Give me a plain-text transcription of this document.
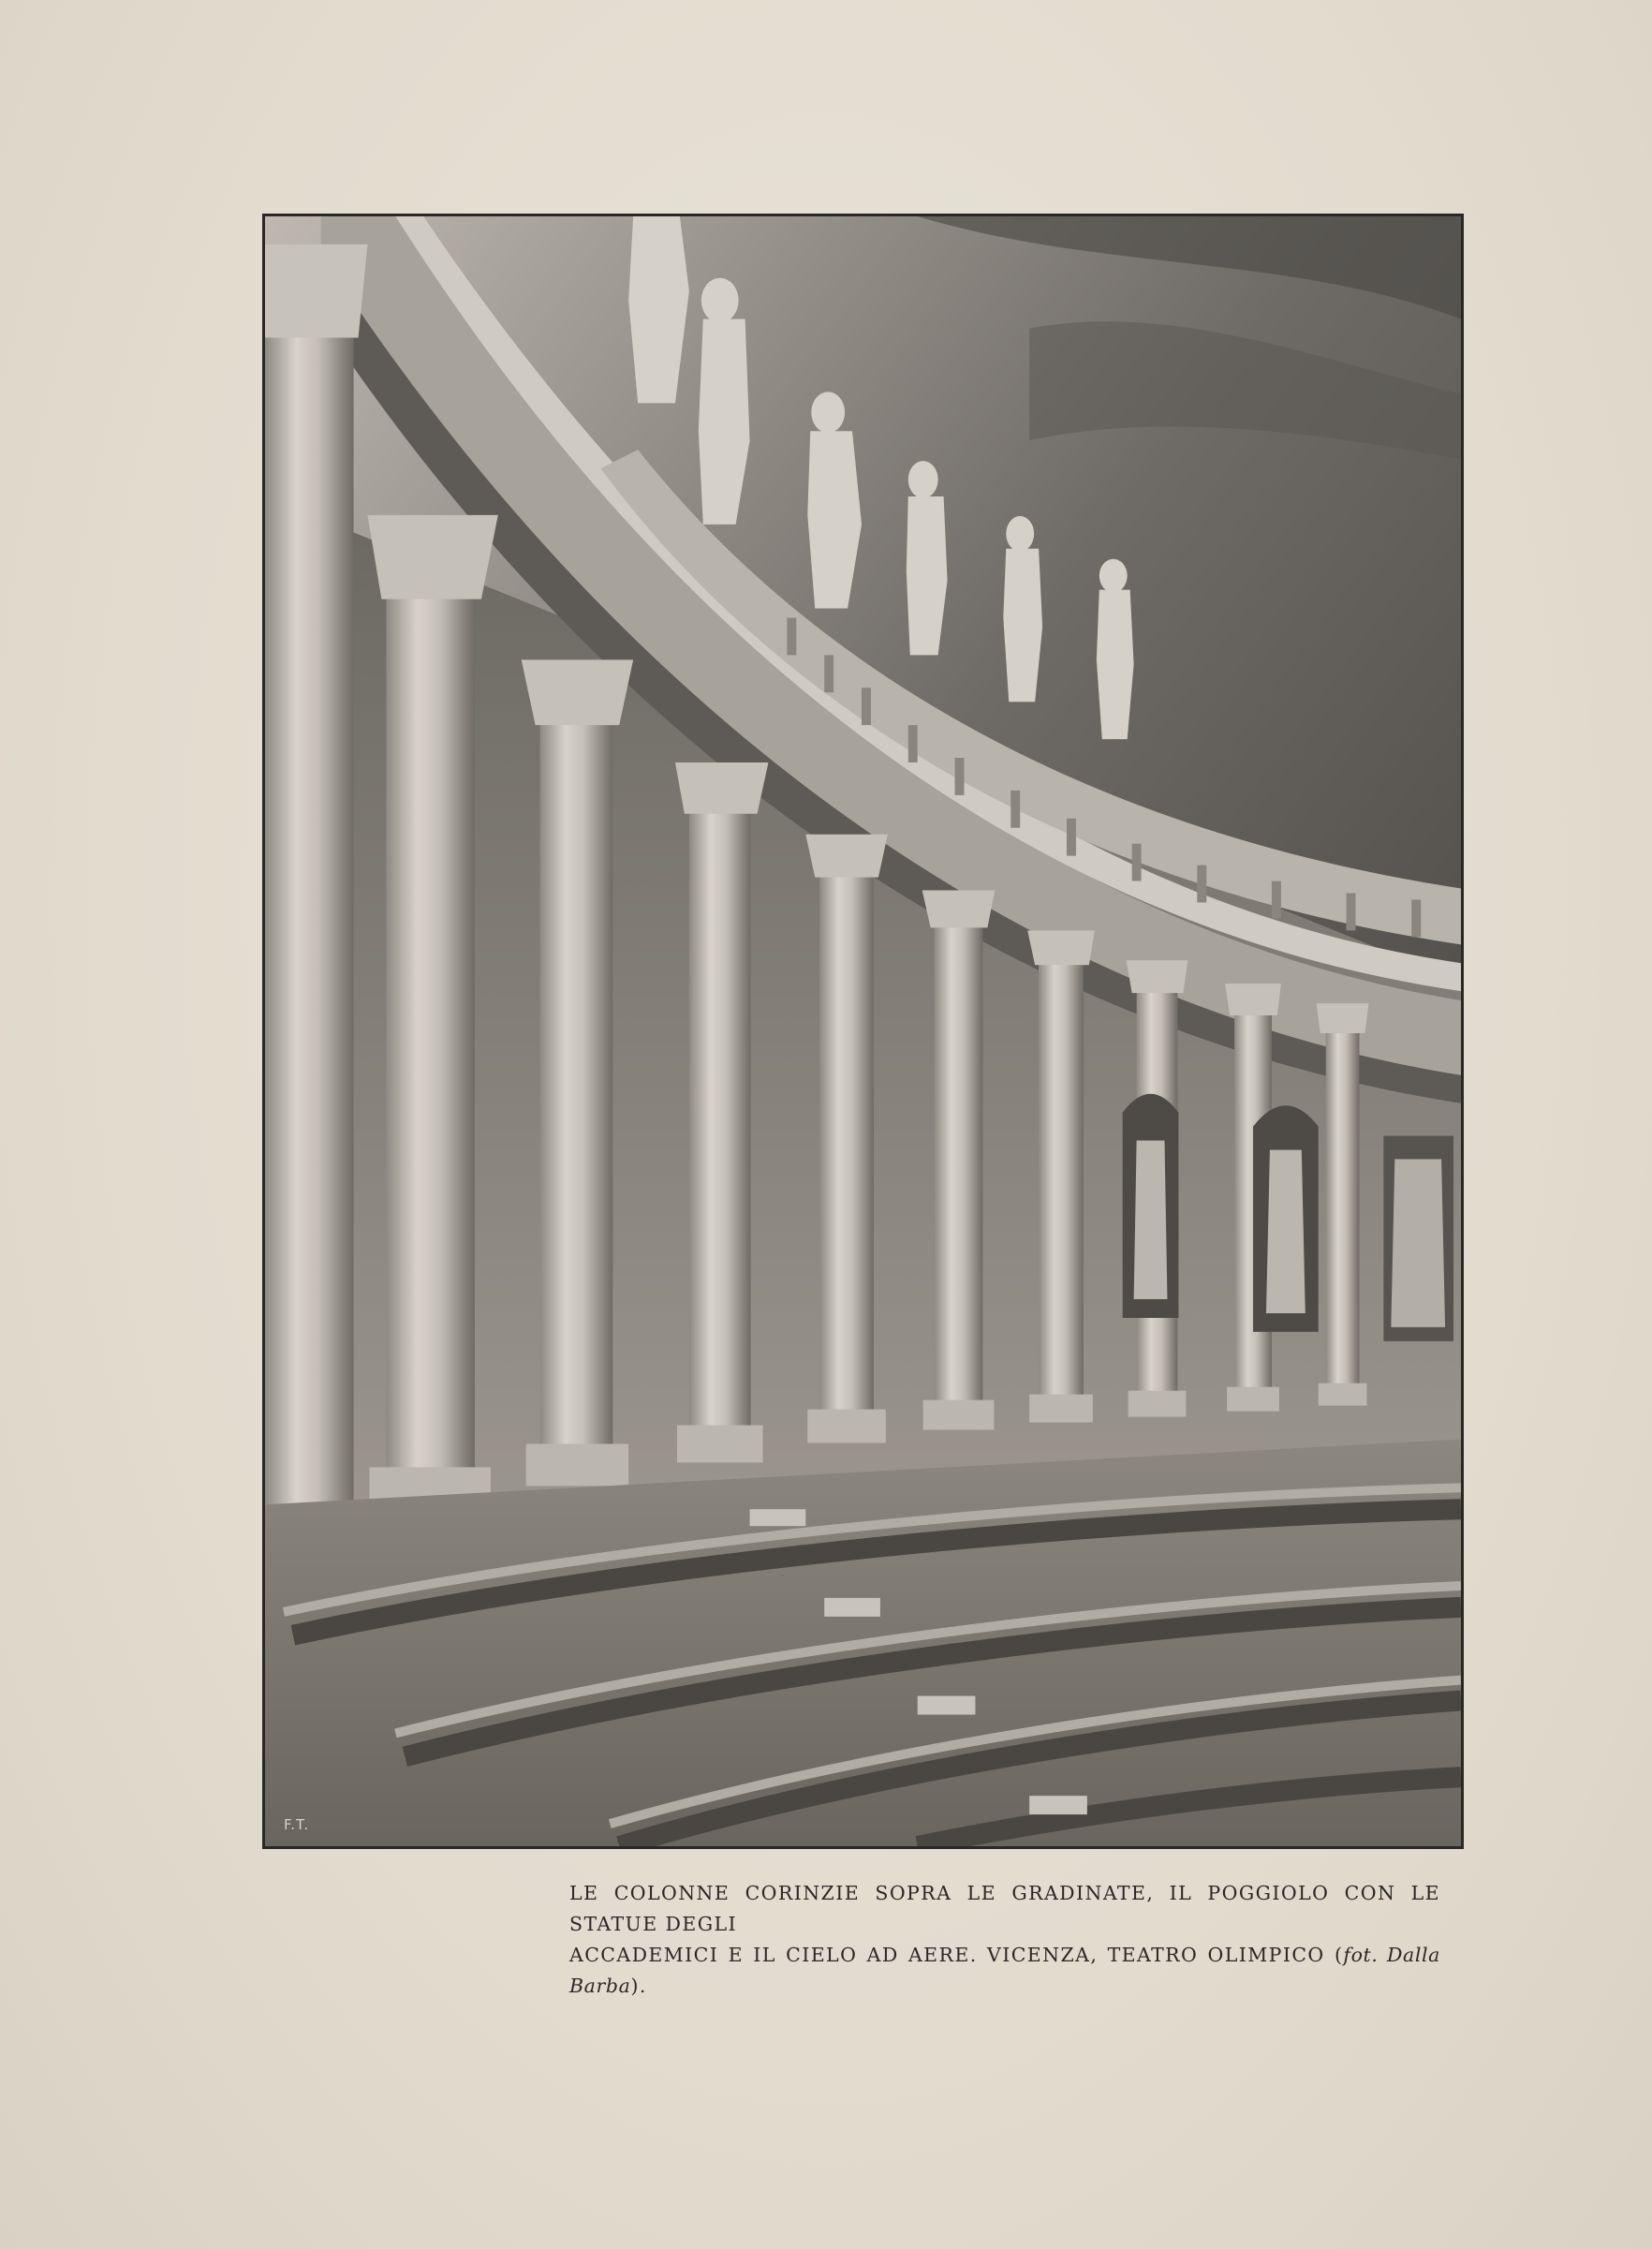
F.T.
LE COLONNE CORINZIE SOPRA LE GRADINATE, IL POGGIOLO CON LE STATUE DEGLI
ACCADEMICI E IL CIELO AD AERE. VICENZA, TEATRO OLIMPICO (fot. Dalla Barba).
